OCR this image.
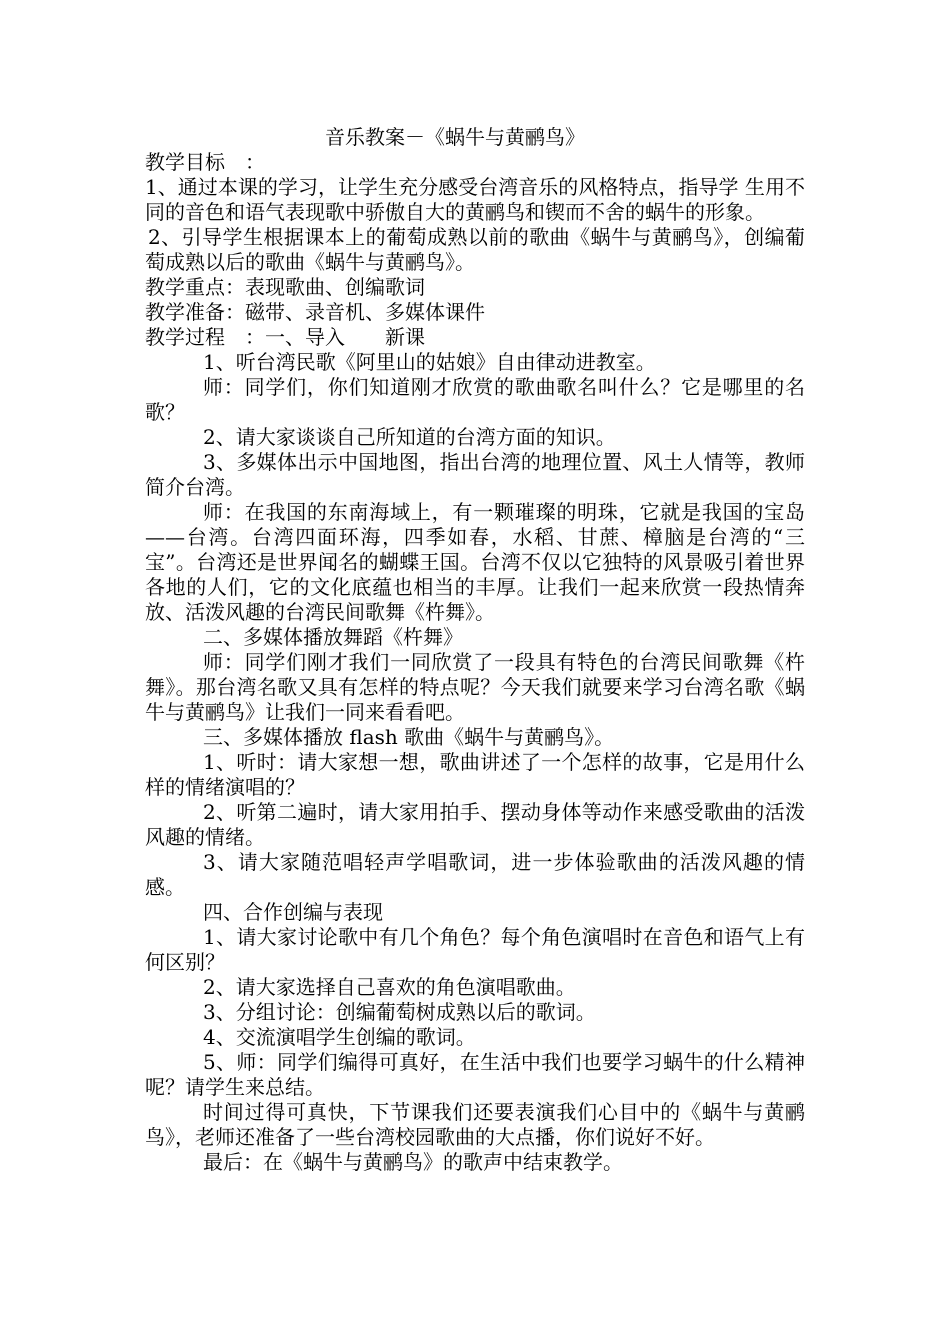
音乐教案－《蜗牛与黄鹂鸟》

教学目标　：

1、通过本课的学习，让学生充分感受台湾音乐的风格特点，指导学 生用不同的音色和语气表现歌中骄傲自大的黄鹂鸟和锲而不舍的蜗牛的形象。

2、引导学生根据课本上的葡萄成熟以前的歌曲《蜗牛与黄鹂鸟》，创编葡萄成熟以后的歌曲《蜗牛与黄鹂鸟》。

教学重点：表现歌曲、创编歌词

教学准备：磁带、录音机、多媒体课件

教学过程　：一、导入　　新课

1、听台湾民歌《阿里山的姑娘》自由律动进教室。

师：同学们，你们知道刚才欣赏的歌曲歌名叫什么？它是哪里的名歌？

2、请大家谈谈自己所知道的台湾方面的知识。

3、多媒体出示中国地图，指出台湾的地理位置、风土人情等，教师简介台湾。

师：在我国的东南海域上，有一颗璀璨的明珠，它就是我国的宝岛——台湾。台湾四面环海，四季如春，水稻、甘蔗、樟脑是台湾的“三宝”。台湾还是世界闻名的蝴蝶王国。台湾不仅以它独特的风景吸引着世界各地的人们，它的文化底蕴也相当的丰厚。让我们一起来欣赏一段热情奔放、活泼风趣的台湾民间歌舞《杵舞》。

二、多媒体播放舞蹈《杵舞》

师：同学们刚才我们一同欣赏了一段具有特色的台湾民间歌舞《杵舞》。那台湾名歌又具有怎样的特点呢？今天我们就要来学习台湾名歌《蜗牛与黄鹂鸟》让我们一同来看看吧。

三、多媒体播放 flash 歌曲《蜗牛与黄鹂鸟》。

1、听时：请大家想一想，歌曲讲述了一个怎样的故事，它是用什么样的情绪演唱的？

2、听第二遍时，请大家用拍手、摆动身体等动作来感受歌曲的活泼风趣的情绪。

3、请大家随范唱轻声学唱歌词，进一步体验歌曲的活泼风趣的情感。

四、合作创编与表现

1、请大家讨论歌中有几个角色？每个角色演唱时在音色和语气上有何区别？

2、请大家选择自己喜欢的角色演唱歌曲。

3、分组讨论：创编葡萄树成熟以后的歌词。

4、交流演唱学生创编的歌词。

5、师：同学们编得可真好，在生活中我们也要学习蜗牛的什么精神呢？请学生来总结。

时间过得可真快，下节课我们还要表演我们心目中的《蜗牛与黄鹂鸟》，老师还准备了一些台湾校园歌曲的大点播，你们说好不好。

最后：在《蜗牛与黄鹂鸟》的歌声中结束教学。
